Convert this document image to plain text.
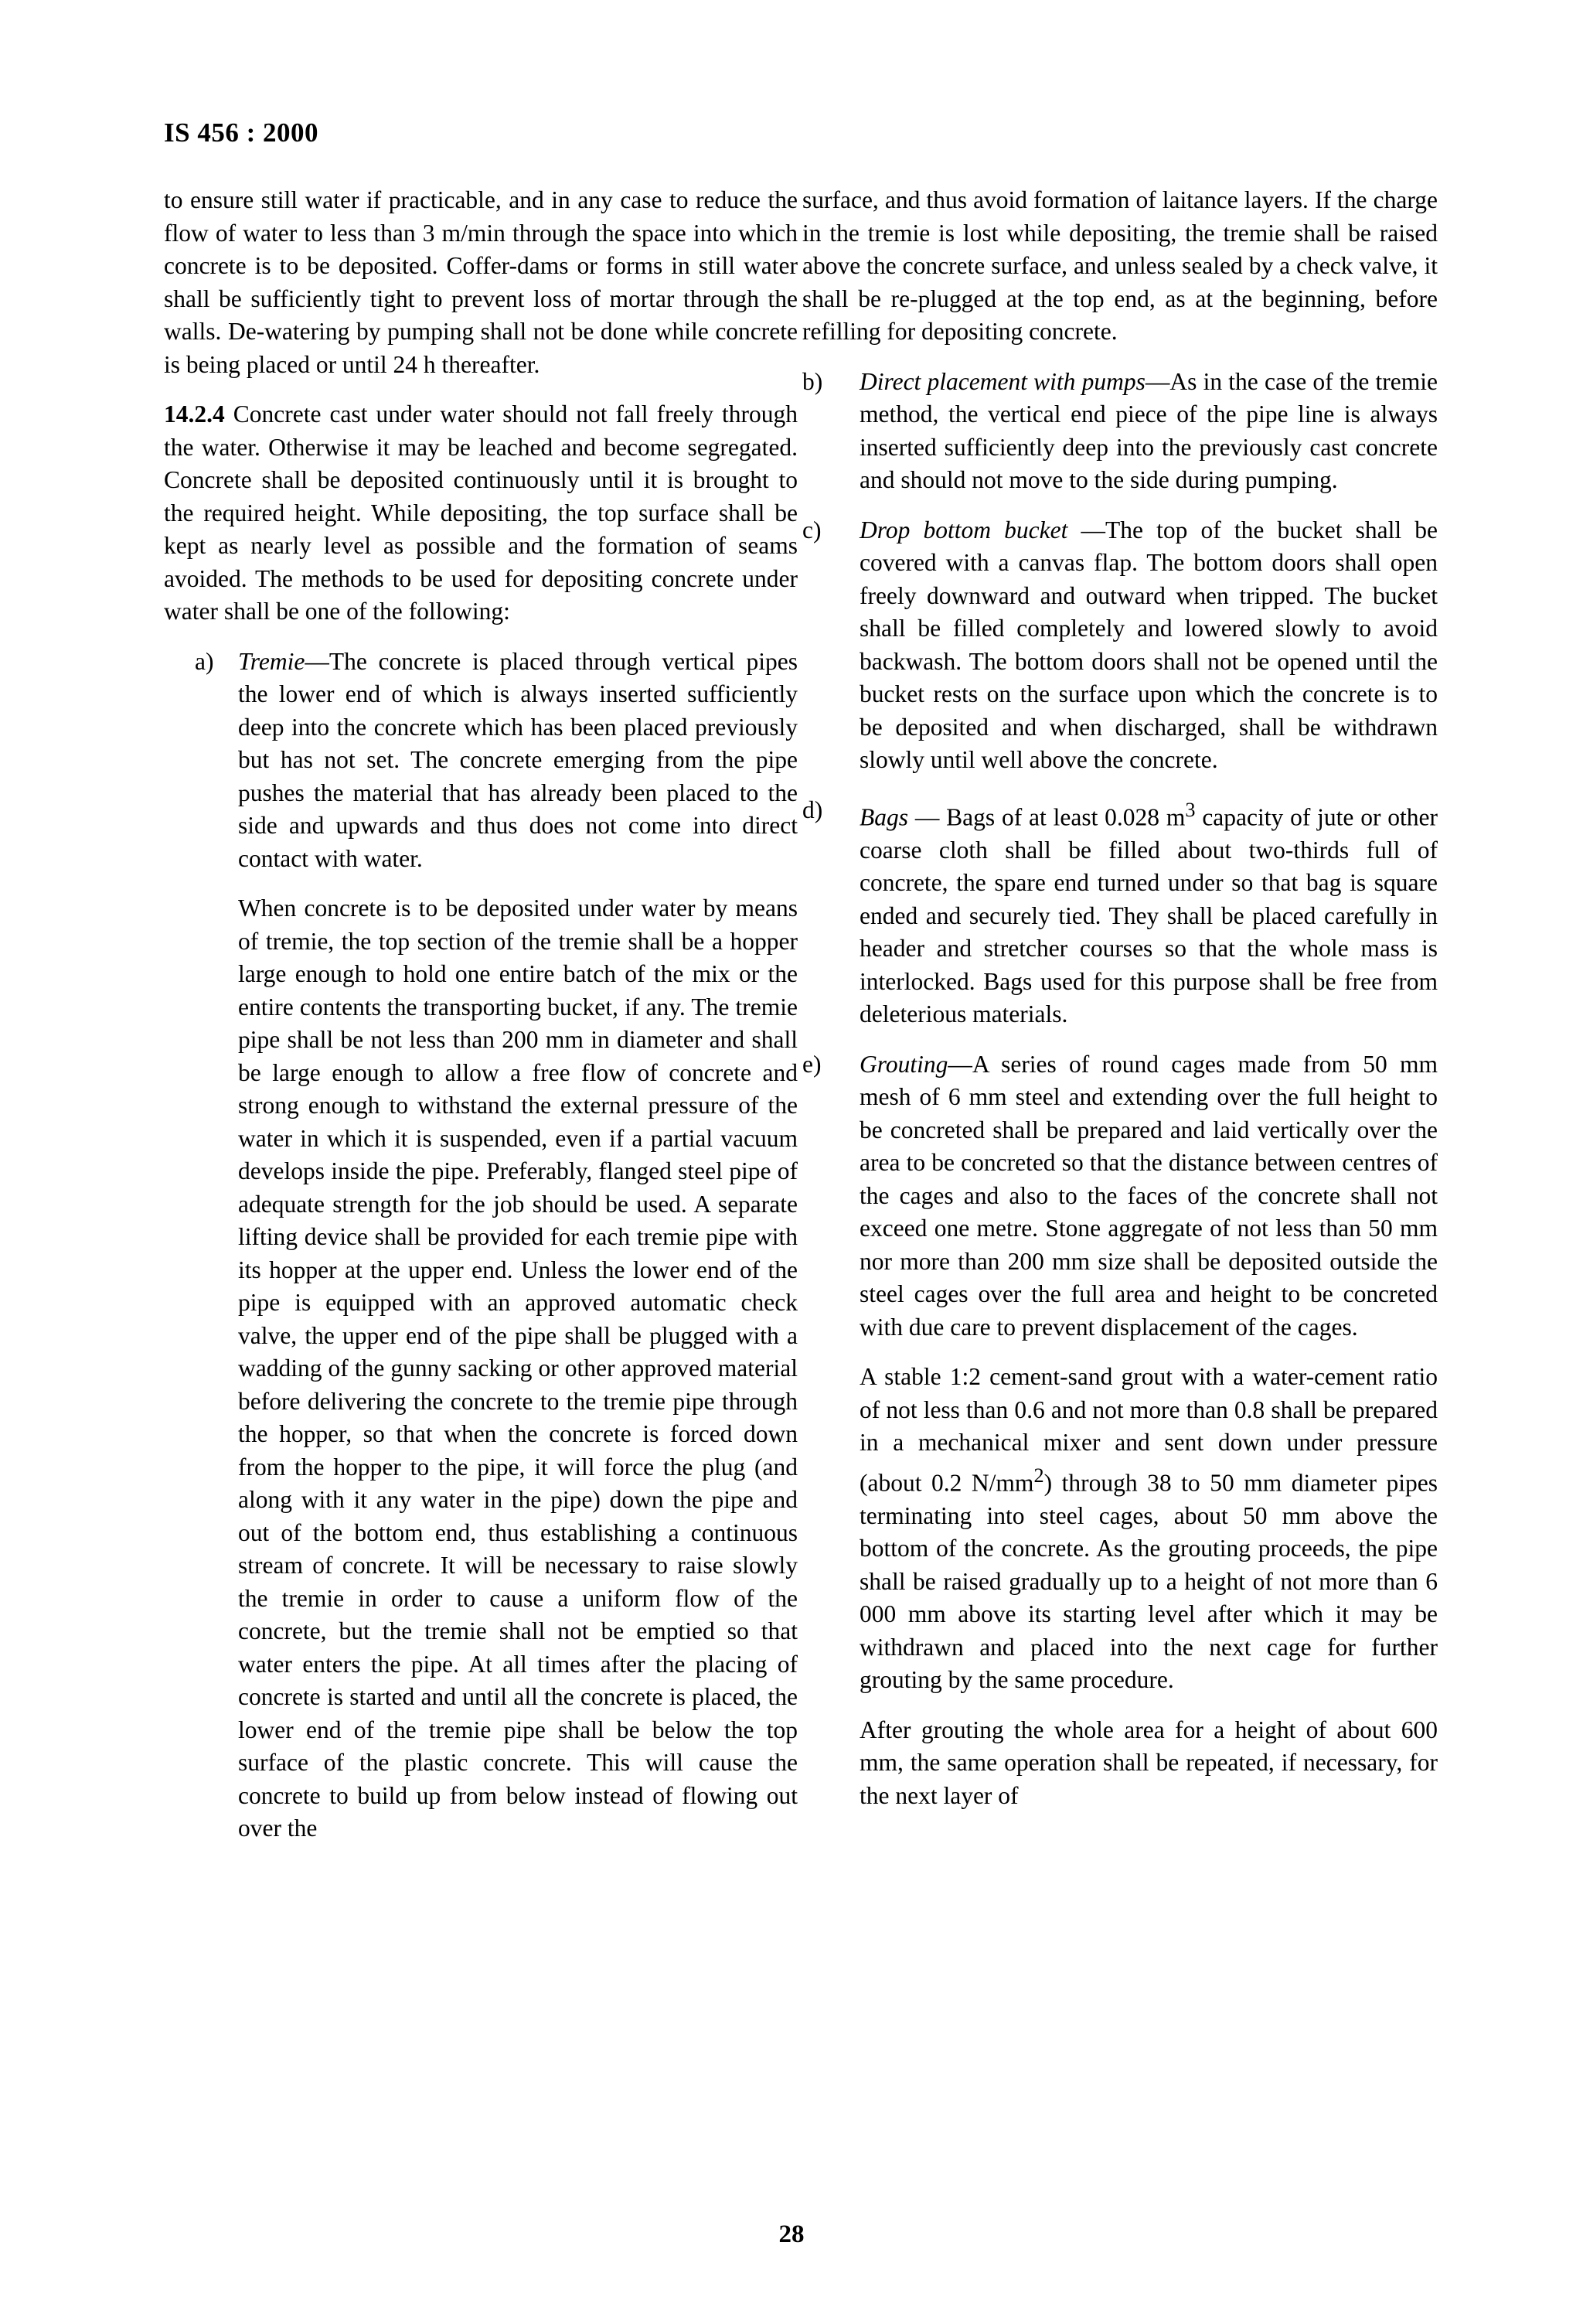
IS 456 : 2000

to ensure still water if practicable, and in any case to reduce the flow of water to less than 3 m/min through the space into which concrete is to be deposited. Coffer-dams or forms in still water shall be sufficiently tight to prevent loss of mortar through the walls. De-watering by pumping shall not be done while concrete is being placed or until 24 h thereafter.

14.2.4 Concrete cast under water should not fall freely through the water. Otherwise it may be leached and become segregated. Concrete shall be deposited continuously until it is brought to the required height. While depositing, the top surface shall be kept as nearly level as possible and the formation of seams avoided. The methods to be used for depositing concrete under water shall be one of the following:

a) Tremie—The concrete is placed through vertical pipes the lower end of which is always inserted sufficiently deep into the concrete which has been placed previously but has not set. The concrete emerging from the pipe pushes the material that has already been placed to the side and upwards and thus does not come into direct contact with water.

When concrete is to be deposited under water by means of tremie, the top section of the tremie shall be a hopper large enough to hold one entire batch of the mix or the entire contents the transporting bucket, if any. The tremie pipe shall be not less than 200 mm in diameter and shall be large enough to allow a free flow of concrete and strong enough to withstand the external pressure of the water in which it is suspended, even if a partial vacuum develops inside the pipe. Preferably, flanged steel pipe of adequate strength for the job should be used. A separate lifting device shall be provided for each tremie pipe with its hopper at the upper end. Unless the lower end of the pipe is equipped with an approved automatic check valve, the upper end of the pipe shall be plugged with a wadding of the gunny sacking or other approved material before delivering the concrete to the tremie pipe through the hopper, so that when the concrete is forced down from the hopper to the pipe, it will force the plug (and along with it any water in the pipe) down the pipe and out of the bottom end, thus establishing a continuous stream of concrete. It will be necessary to raise slowly the tremie in order to cause a uniform flow of the concrete, but the tremie shall not be emptied so that water enters the pipe. At all times after the placing of concrete is started and until all the concrete is placed, the lower end of the tremie pipe shall be below the top surface of the plastic concrete. This will cause the concrete to build up from below instead of flowing out over the

surface, and thus avoid formation of laitance layers. If the charge in the tremie is lost while depositing, the tremie shall be raised above the concrete surface, and unless sealed by a check valve, it shall be re-plugged at the top end, as at the beginning, before refilling for depositing concrete.

b) Direct placement with pumps—As in the case of the tremie method, the vertical end piece of the pipe line is always inserted sufficiently deep into the previously cast concrete and should not move to the side during pumping.

c) Drop bottom bucket —The top of the bucket shall be covered with a canvas flap. The bottom doors shall open freely downward and outward when tripped. The bucket shall be filled completely and lowered slowly to avoid backwash. The bottom doors shall not be opened until the bucket rests on the surface upon which the concrete is to be deposited and when discharged, shall be withdrawn slowly until well above the concrete.

d) Bags — Bags of at least 0.028 $m^3$ capacity of jute or other coarse cloth shall be filled about two-thirds full of concrete, the spare end turned under so that bag is square ended and securely tied. They shall be placed carefully in header and stretcher courses so that the whole mass is interlocked. Bags used for this purpose shall be free from deleterious materials.

e) Grouting—A series of round cages made from 50 mm mesh of 6 mm steel and extending over the full height to be concreted shall be prepared and laid vertically over the area to be concreted so that the distance between centres of the cages and also to the faces of the concrete shall not exceed one metre. Stone aggregate of not less than 50 mm nor more than 200 mm size shall be deposited outside the steel cages over the full area and height to be concreted with due care to prevent displacement of the cages.

A stable 1:2 cement-sand grout with a water-cement ratio of not less than 0.6 and not more than 0.8 shall be prepared in a mechanical mixer and sent down under pressure (about 0.2 $N/mm^2$) through 38 to 50 mm diameter pipes terminating into steel cages, about 50 mm above the bottom of the concrete. As the grouting proceeds, the pipe shall be raised gradually up to a height of not more than 6 000 mm above its starting level after which it may be withdrawn and placed into the next cage for further grouting by the same procedure.

After grouting the whole area for a height of about 600 mm, the same operation shall be repeated, if necessary, for the next layer of

28
